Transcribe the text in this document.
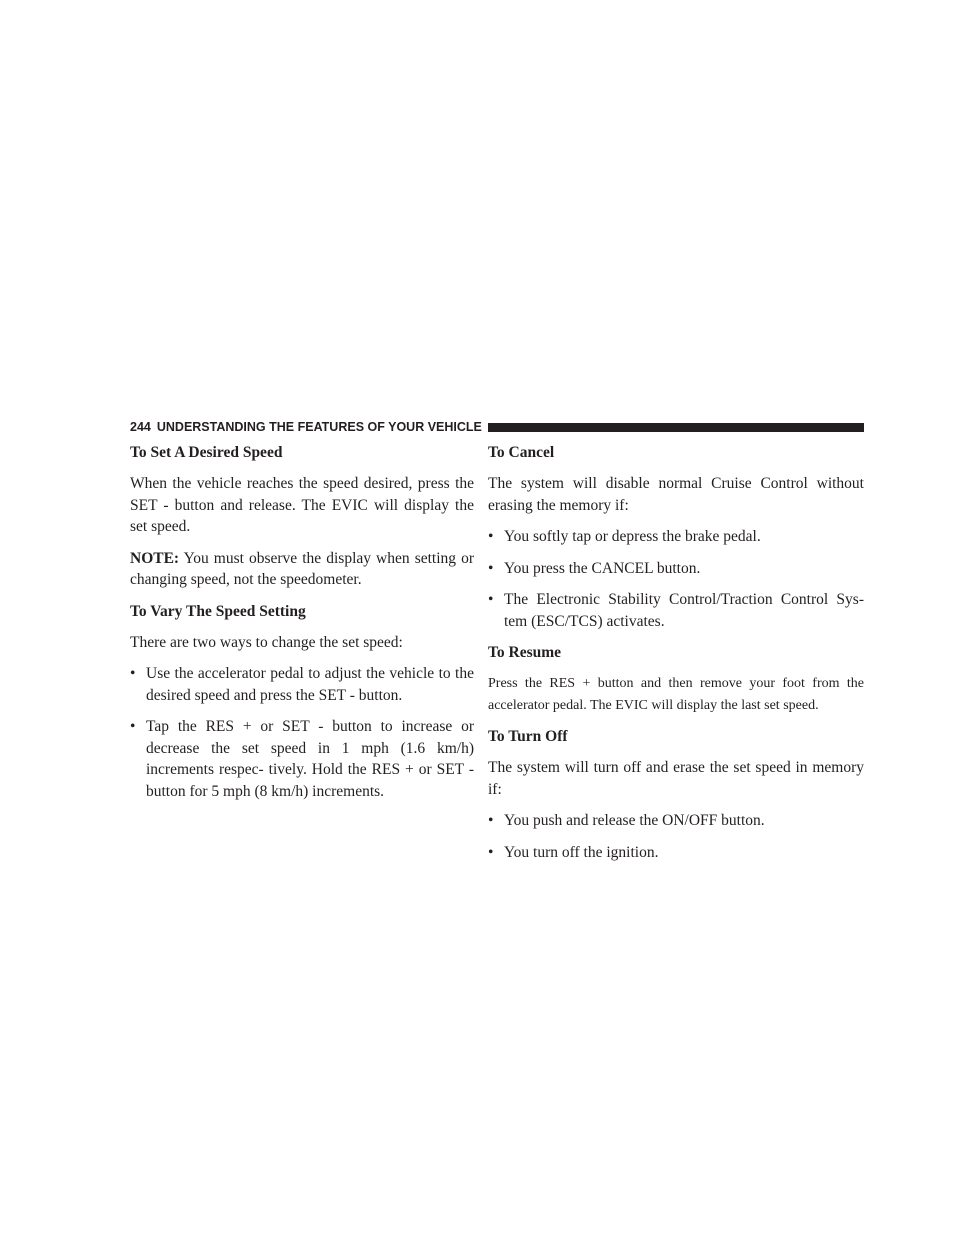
244 UNDERSTANDING THE FEATURES OF YOUR VEHICLE
To Set A Desired Speed

When the vehicle reaches the speed desired, press the SET - button and release. The EVIC will display the set speed.

NOTE: You must observe the display when setting or changing speed, not the speedometer.

To Vary The Speed Setting

There are two ways to change the set speed:

• Use the accelerator pedal to adjust the vehicle to the desired speed and press the SET - button.
• Tap the RES + or SET - button to increase or decrease the set speed in 1 mph (1.6 km/h) increments respec- tively. Hold the RES + or SET - button for 5 mph (8 km/h) increments.
To Cancel

The system will disable normal Cruise Control without erasing the memory if:

• You softly tap or depress the brake pedal.
• You press the CANCEL button.
• The Electronic Stability Control/Traction Control Sys- tem (ESC/TCS) activates.
To Resume

Press the RES + button and then remove your foot from the accelerator pedal. The EVIC will display the last set speed.

To Turn Off

The system will turn off and erase the set speed in memory if:

• You push and release the ON/OFF button.
• You turn off the ignition.
